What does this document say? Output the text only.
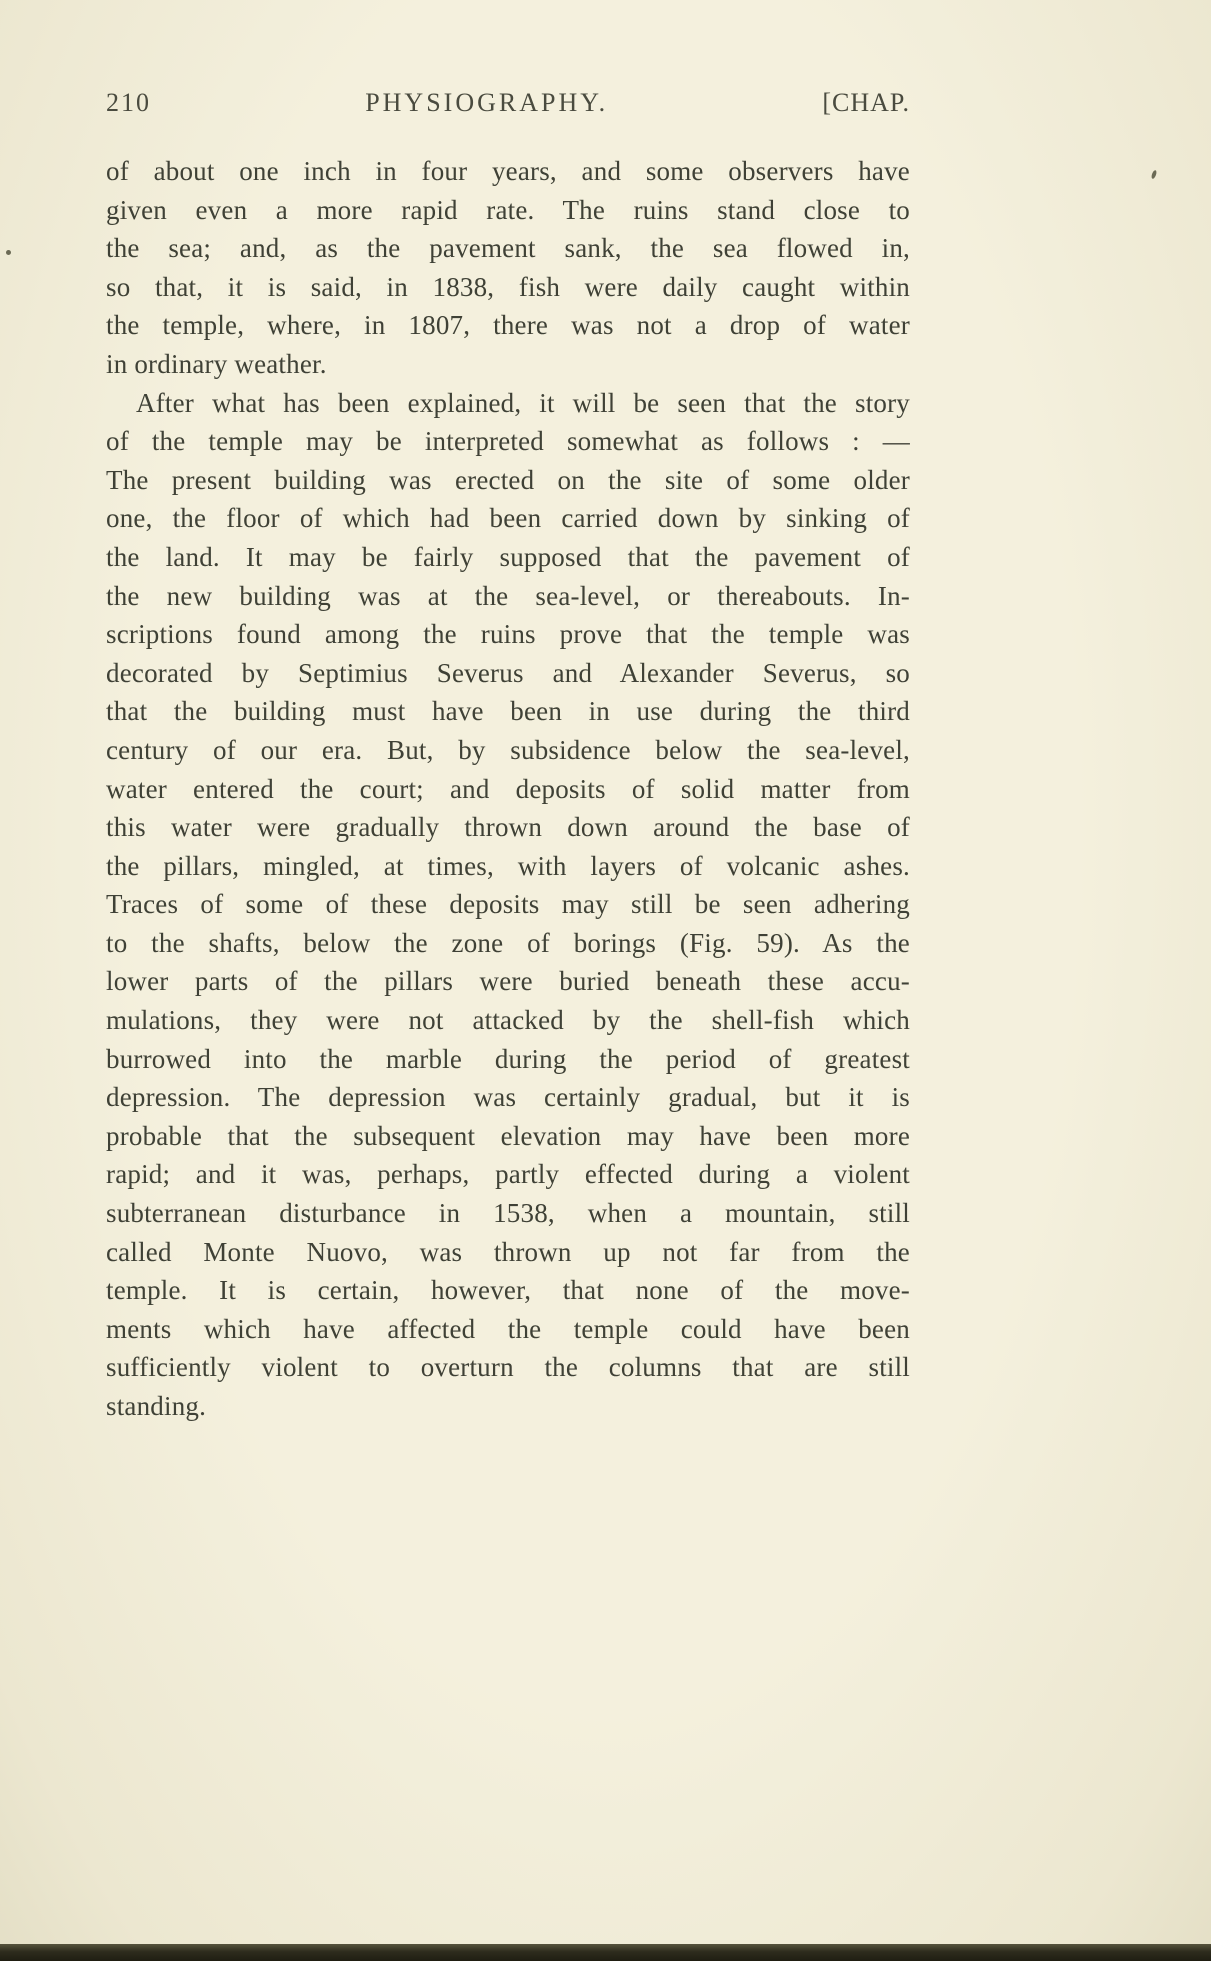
210	PHYSIOGRAPHY.	[CHAP.
of about one inch in four years, and some observers have
given even a more rapid rate. The ruins stand close to
the sea; and, as the pavement sank, the sea flowed in,
so that, it is said, in 1838, fish were daily caught within
the temple, where, in 1807, there was not a drop of water
in ordinary weather.
After what has been explained, it will be seen that the story
of the temple may be interpreted somewhat as follows : —
The present building was erected on the site of some older
one, the floor of which had been carried down by sinking of
the land. It may be fairly supposed that the pavement of
the new building was at the sea-level, or thereabouts. In-
scriptions found among the ruins prove that the temple was
decorated by Septimius Severus and Alexander Severus, so
that the building must have been in use during the third
century of our era. But, by subsidence below the sea-level,
water entered the court; and deposits of solid matter from
this water were gradually thrown down around the base of
the pillars, mingled, at times, with layers of volcanic ashes.
Traces of some of these deposits may still be seen adhering
to the shafts, below the zone of borings (Fig. 59). As the
lower parts of the pillars were buried beneath these accu-
mulations, they were not attacked by the shell-fish which
burrowed into the marble during the period of greatest
depression. The depression was certainly gradual, but it is
probable that the subsequent elevation may have been more
rapid; and it was, perhaps, partly effected during a violent
subterranean disturbance in 1538, when a mountain, still
called Monte Nuovo, was thrown up not far from the
temple. It is certain, however, that none of the move-
ments which have affected the temple could have been
sufficiently violent to overturn the columns that are still
standing.
